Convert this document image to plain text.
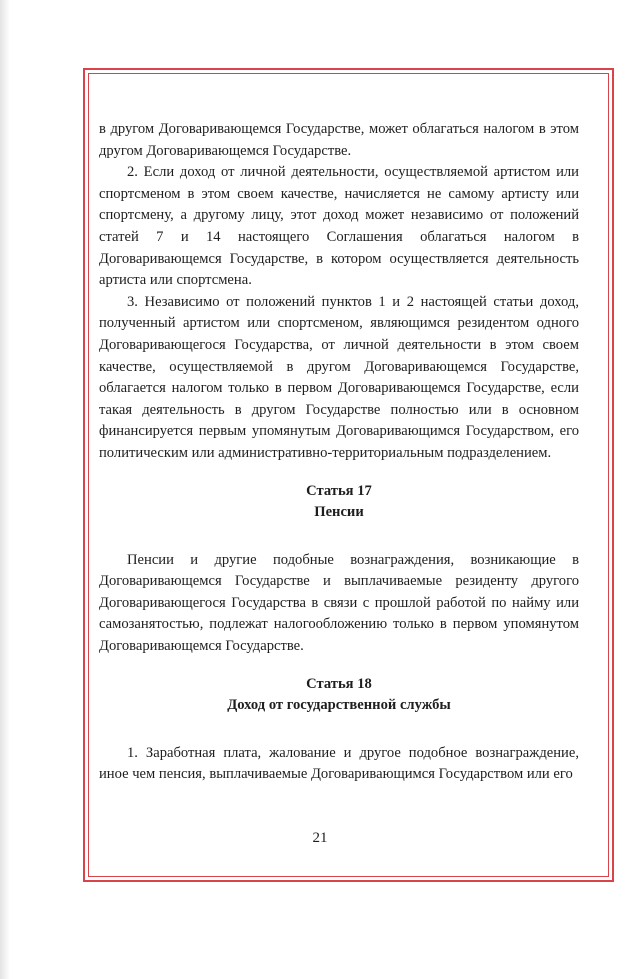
в другом Договаривающемся Государстве, может облагаться налогом в этом другом Договаривающемся Государстве.

2. Если доход от личной деятельности, осуществляемой артистом или спортсменом в этом своем качестве, начисляется не самому артисту или спортсмену, а другому лицу, этот доход может независимо от положений статей 7 и 14 настоящего Соглашения облагаться налогом в Договаривающемся Государстве, в котором осуществляется деятельность артиста или спортсмена.

3. Независимо от положений пунктов 1 и 2 настоящей статьи доход, полученный артистом или спортсменом, являющимся резидентом одного Договаривающегося Государства, от личной деятельности в этом своем качестве, осуществляемой в другом Договаривающемся Государстве, облагается налогом только в первом Договаривающемся Государстве, если такая деятельность в другом Государстве полностью или в основном финансируется первым упомянутым Договаривающимся Государством, его политическим или административно-территориальным подразделением.

Статья 17

Пенсии

Пенсии и другие подобные вознаграждения, возникающие в Договаривающемся Государстве и выплачиваемые резиденту другого Договаривающегося Государства в связи с прошлой работой по найму или самозанятостью, подлежат налогообложению только в первом упомянутом Договаривающемся Государстве.

Статья 18

Доход от государственной службы

1. Заработная плата, жалование и другое подобное вознаграждение, иное чем пенсия, выплачиваемые Договаривающимся Государством или его

21
